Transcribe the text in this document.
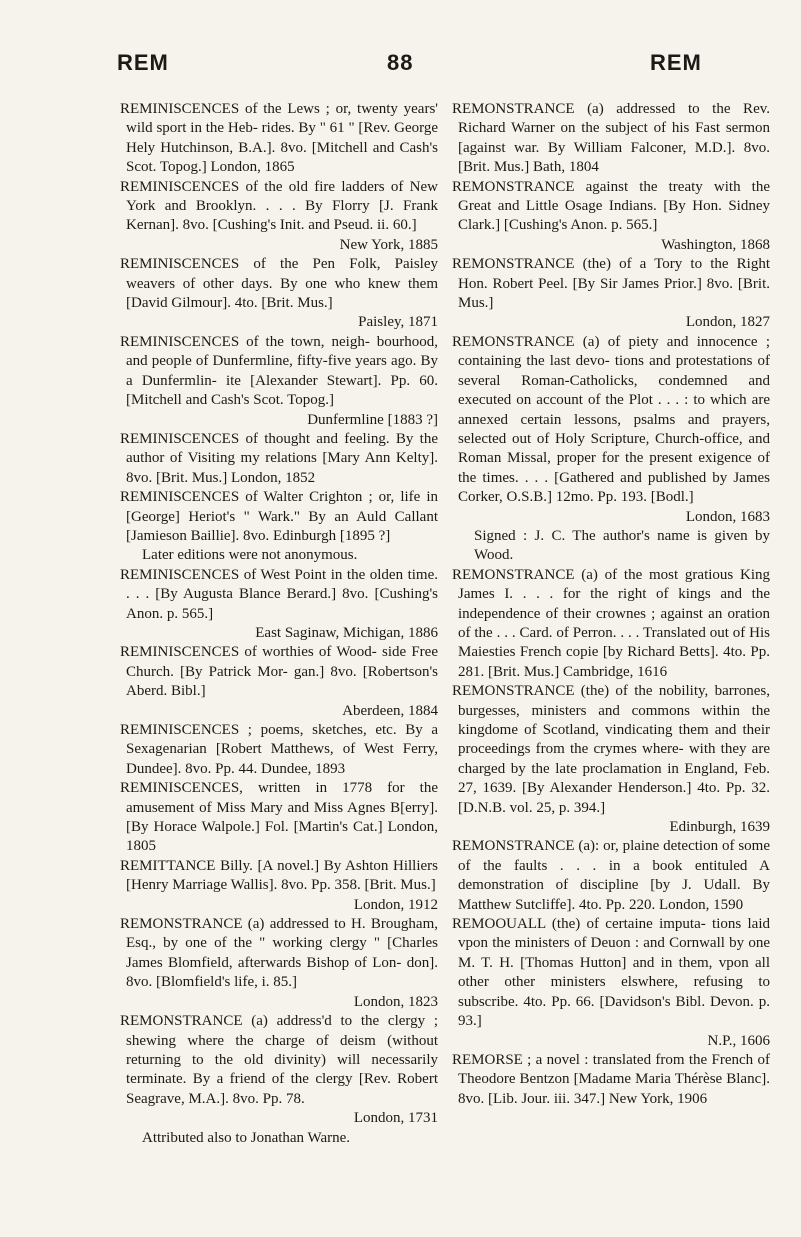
REM	88	REM

REMINISCENCES of the Lews ; or, twenty years' wild sport in the Heb- rides. By " 61 " [Rev. George Hely Hutchinson, B.A.]. 8vo. [Mitchell and Cash's Scot. Topog.] London, 1865

REMINISCENCES of the old fire ladders of New York and Brooklyn. . . . By Florry [J. Frank Kernan]. 8vo. [Cushing's Init. and Pseud. ii. 60.]
New York, 1885

REMINISCENCES of the Pen Folk, Paisley weavers of other days. By one who knew them [David Gilmour]. 4to. [Brit. Mus.]
Paisley, 1871

REMINISCENCES of the town, neigh- bourhood, and people of Dunfermline, fifty-five years ago. By a Dunfermlin- ite [Alexander Stewart]. Pp. 60. [Mitchell and Cash's Scot. Topog.]
Dunfermline [1883 ?]

REMINISCENCES of thought and feeling. By the author of Visiting my relations [Mary Ann Kelty]. 8vo. [Brit. Mus.] London, 1852

REMINISCENCES of Walter Crighton ; or, life in [George] Heriot's " Wark." By an Auld Callant [Jamieson Baillie]. 8vo. Edinburgh [1895 ?]
Later editions were not anonymous.

REMINISCENCES of West Point in the olden time. . . . [By Augusta Blance Berard.] 8vo. [Cushing's Anon. p. 565.]
East Saginaw, Michigan, 1886

REMINISCENCES of worthies of Wood- side Free Church. [By Patrick Mor- gan.] 8vo. [Robertson's Aberd. Bibl.]
Aberdeen, 1884

REMINISCENCES ; poems, sketches, etc. By a Sexagenarian [Robert Matthews, of West Ferry, Dundee]. 8vo. Pp. 44. Dundee, 1893

REMINISCENCES, written in 1778 for the amusement of Miss Mary and Miss Agnes B[erry]. [By Horace Walpole.] Fol. [Martin's Cat.] London, 1805

REMITTANCE Billy. [A novel.] By Ashton Hilliers [Henry Marriage Wallis]. 8vo. Pp. 358. [Brit. Mus.]
London, 1912

REMONSTRANCE (a) addressed to H. Brougham, Esq., by one of the " working clergy " [Charles James Blomfield, afterwards Bishop of Lon- don]. 8vo. [Blomfield's life, i. 85.]
London, 1823

REMONSTRANCE (a) address'd to the clergy ; shewing where the charge of deism (without returning to the old divinity) will necessarily terminate. By a friend of the clergy [Rev. Robert Seagrave, M.A.]. 8vo. Pp. 78.
London, 1731
Attributed also to Jonathan Warne.

REMONSTRANCE (a) addressed to the Rev. Richard Warner on the subject of his Fast sermon [against war. By William Falconer, M.D.]. 8vo. [Brit. Mus.] Bath, 1804

REMONSTRANCE against the treaty with the Great and Little Osage Indians. [By Hon. Sidney Clark.] [Cushing's Anon. p. 565.]
Washington, 1868

REMONSTRANCE (the) of a Tory to the Right Hon. Robert Peel. [By Sir James Prior.] 8vo. [Brit. Mus.]
London, 1827

REMONSTRANCE (a) of piety and innocence ; containing the last devo- tions and protestations of several Roman-Catholicks, condemned and executed on account of the Plot . . . : to which are annexed certain lessons, psalms and prayers, selected out of Holy Scripture, Church-office, and Roman Missal, proper for the present exigence of the times. . . . [Gathered and published by James Corker, O.S.B.] 12mo. Pp. 193. [Bodl.]
London, 1683
Signed : J. C. The author's name is given by Wood.

REMONSTRANCE (a) of the most gratious King James I. . . . for the right of kings and the independence of their crownes ; against an oration of the . . . Card. of Perron. . . . Translated out of His Maiesties French copie [by Richard Betts]. 4to. Pp. 281. [Brit. Mus.] Cambridge, 1616

REMONSTRANCE (the) of the nobility, barrones, burgesses, ministers and commons within the kingdome of Scotland, vindicating them and their proceedings from the crymes where- with they are charged by the late proclamation in England, Feb. 27, 1639. [By Alexander Henderson.] 4to. Pp. 32. [D.N.B. vol. 25, p. 394.]
Edinburgh, 1639

REMONSTRANCE (a): or, plaine detection of some of the faults . . . in a book entituled A demonstration of discipline [by J. Udall. By Matthew Sutcliffe]. 4to. Pp. 220. London, 1590

REMOOUALL (the) of certaine imputa- tions laid vpon the ministers of Deuon : and Cornwall by one M. T. H. [Thomas Hutton] and in them, vpon all other other ministers elswhere, refusing to subscribe. 4to. Pp. 66. [Davidson's Bibl. Devon. p. 93.]
N.P., 1606

REMORSE ; a novel : translated from the French of Theodore Bentzon [Madame Maria Thérèse Blanc]. 8vo. [Lib. Jour. iii. 347.] New York, 1906
